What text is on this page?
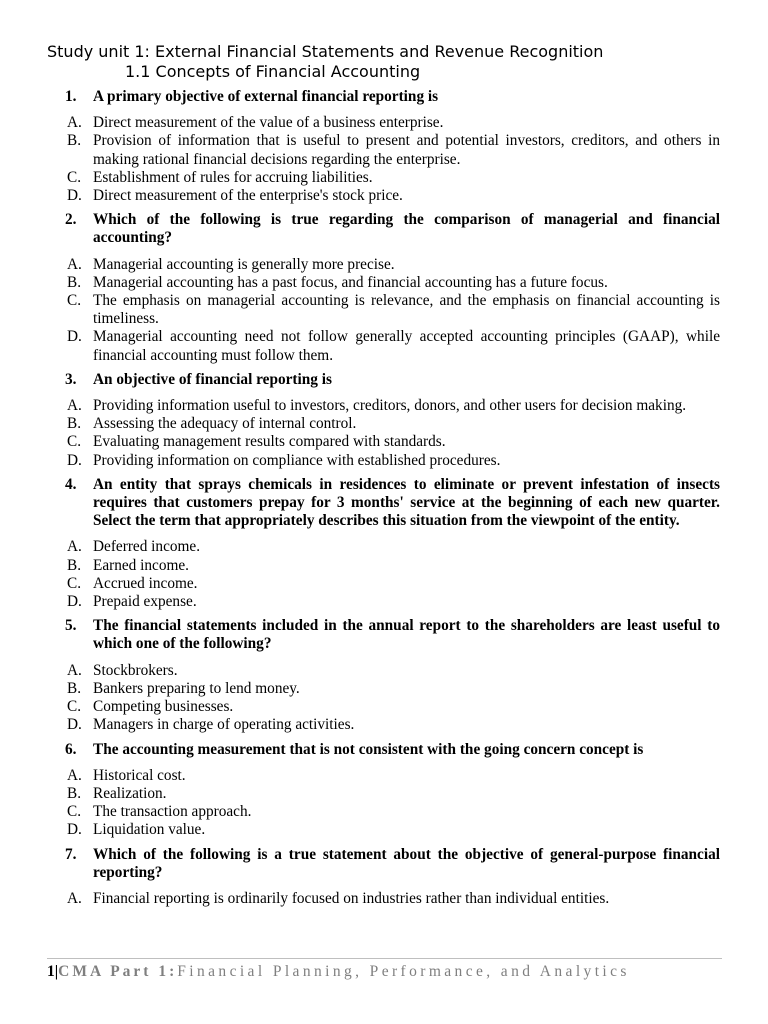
Study unit 1: External Financial Statements and Revenue Recognition
1.1 Concepts of Financial Accounting
1.	A primary objective of external financial reporting is
A. Direct measurement of the value of a business enterprise.
B. Provision of information that is useful to present and potential investors, creditors, and others in making rational financial decisions regarding the enterprise.
C. Establishment of rules for accruing liabilities.
D. Direct measurement of the enterprise's stock price.
2.	Which of the following is true regarding the comparison of managerial and financial accounting?
A. Managerial accounting is generally more precise.
B. Managerial accounting has a past focus, and financial accounting has a future focus.
C. The emphasis on managerial accounting is relevance, and the emphasis on financial accounting is timeliness.
D. Managerial accounting need not follow generally accepted accounting principles (GAAP), while financial accounting must follow them.
3.	An objective of financial reporting is
A. Providing information useful to investors, creditors, donors, and other users for decision making.
B. Assessing the adequacy of internal control.
C. Evaluating management results compared with standards.
D. Providing information on compliance with established procedures.
4.	An entity that sprays chemicals in residences to eliminate or prevent infestation of insects requires that customers prepay for 3 months' service at the beginning of each new quarter. Select the term that appropriately describes this situation from the viewpoint of the entity.
A. Deferred income.
B. Earned income.
C. Accrued income.
D. Prepaid expense.
5.	The financial statements included in the annual report to the shareholders are least useful to which one of the following?
A. Stockbrokers.
B. Bankers preparing to lend money.
C. Competing businesses.
D. Managers in charge of operating activities.
6.	The accounting measurement that is not consistent with the going concern concept is
A. Historical cost.
B. Realization.
C. The transaction approach.
D. Liquidation value.
7.	Which of the following is a true statement about the objective of general-purpose financial reporting?
A. Financial reporting is ordinarily focused on industries rather than individual entities.
1|CMA Part 1:Financial Planning, Performance, and Analytics
